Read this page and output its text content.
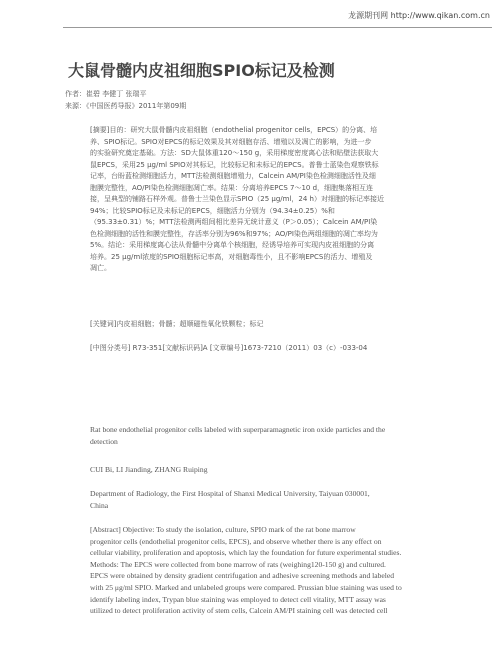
龙源期刊网 http://www.qikan.com.cn
大鼠骨髓内皮祖细胞SPIO标记及检测
作者：崔碧 李健丁 张瑞平
来源：《中国医药导报》2011年第09期
[摘要]目的：研究大鼠骨髓内皮祖细胞（endothelial progenitor cells，EPCS）的分离、培
养、SPIO标记。SPIO对EPCS的标记效果及其对细胞存活、增殖以及凋亡的影响，为进一步
的实验研究奠定基础。方法：SD大鼠体重120～150 g，采用梯度密度离心法和贴壁法获取大
鼠EPCS，采用25 μg/ml SPIO对其标记，比较标记和未标记的EPCS。普鲁士蓝染色观察铁标
记率，台盼蓝检测细胞活力，MTT法检测细胞增殖力，Calcein AM/PI染色检测细胞活性及细
胞膜完整性，AO/PI染色检测细胞凋亡率。结果：分离培养EPCS 7～10 d，细胞集落相互连
接，呈典型的铺路石样外观。普鲁士兰染色显示SPIO（25 μg/ml，24 h）对细胞的标记率接近
94%；比较SPIO标记及未标记的EPCS，细胞活力分别为（94.34±0.25）%和
（95.33±0.31）%；MTT法检测两组间相比差异无统计意义（P＞0.05）；Calcein AM/PI染
色检测细胞的活性和膜完整性，存活率分别为96%和97%；AO/PI染色两组细胞的凋亡率均为
5%。结论：采用梯度离心法从骨髓中分离单个核细胞，经诱导培养可实现内皮祖细胞的分离
培养。25 μg/ml浓度的SPIO细胞标记率高，对细胞毒性小，且不影响EPCS的活力、增殖及
凋亡。
[关键词]内皮祖细胞；骨髓；超顺磁性氧化铁颗粒；标记
[中图分类号] R73-351[文献标识码]A [文章编号]1673-7210（2011）03（c）-033-04
Rat bone endothelial progenitor cells labeled with superparamagnetic iron oxide particles and the
detection
CUI Bi, LI Jianding, ZHANG Ruiping
Department of Radiology, the First Hospital of Shanxi Medical University, Taiyuan 030001,
China
[Abstract] Objective: To study the isolation, culture, SPIO mark of the rat bone marrow
progenitor cells (endothelial progenitor cells, EPCS), and observe whether there is any effect on
cellular viability, proliferation and apoptosis, which lay the foundation for future experimental studies.
Methods: The EPCS were collected from bone marrow of rats (weighing120-150 g) and cultured.
EPCS were obtained by density gradient centrifugation and adhesive screening methods and labeled
with 25 μg/ml SPIO. Marked and unlabeled groups were compared. Prussian blue staining was used to
identify labeling index, Trypan blue staining was employed to detect cell vitality, MTT assay was
utilized to detect proliferation activity of stem cells, Calcein AM/PI staining cell was detected cell
